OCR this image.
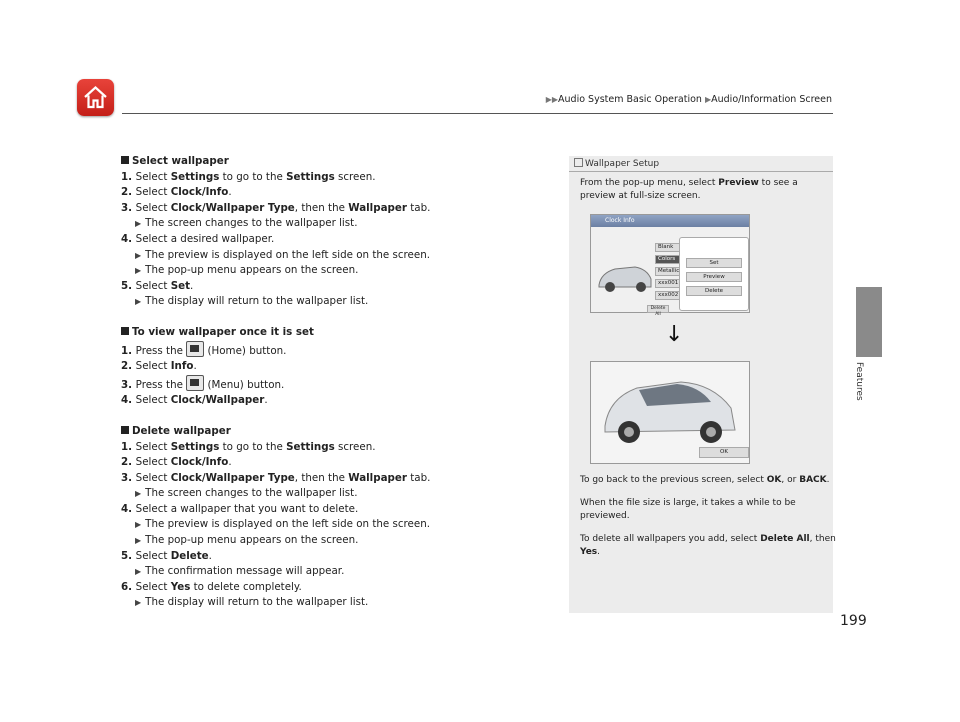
▶▶Audio System Basic Operation ▶Audio/Information Screen
Features

Select wallpaper

1. Select Settings to go to the Settings screen.

2. Select Clock/Info.

3. Select Clock/Wallpaper Type, then the Wallpaper tab.

▶ The screen changes to the wallpaper list.

4. Select a desired wallpaper.

▶ The preview is displayed on the left side on the screen.

▶ The pop-up menu appears on the screen.

5. Select Set.

▶ The display will return to the wallpaper list.

To view wallpaper once it is set

1. Press the
(Home) button.

2. Select Info.

3. Press the
(Menu) button.

4. Select Clock/Wallpaper.

Delete wallpaper

1. Select Settings to go to the Settings screen.

2. Select Clock/Info.

3. Select Clock/Wallpaper Type, then the Wallpaper tab.

▶ The screen changes to the wallpaper list.

4. Select a wallpaper that you want to delete.

▶ The preview is displayed on the left side on the screen.

▶ The pop-up menu appears on the screen.

5. Select Delete.

▶ The confirmation message will appear.

6. Select Yes to delete completely.

▶ The display will return to the wallpaper list.

Wallpaper Setup

From the pop-up menu, select Preview to see a preview at full-size screen.

Clock Info
Blank
Colors
Metallic
xxx001
xxx002
Set
Preview
Delete
Delete All
↓
OK

To go back to the previous screen, select OK, or BACK.

When the file size is large, it takes a while to be previewed.

To delete all wallpapers you add, select Delete All, then Yes.

199
